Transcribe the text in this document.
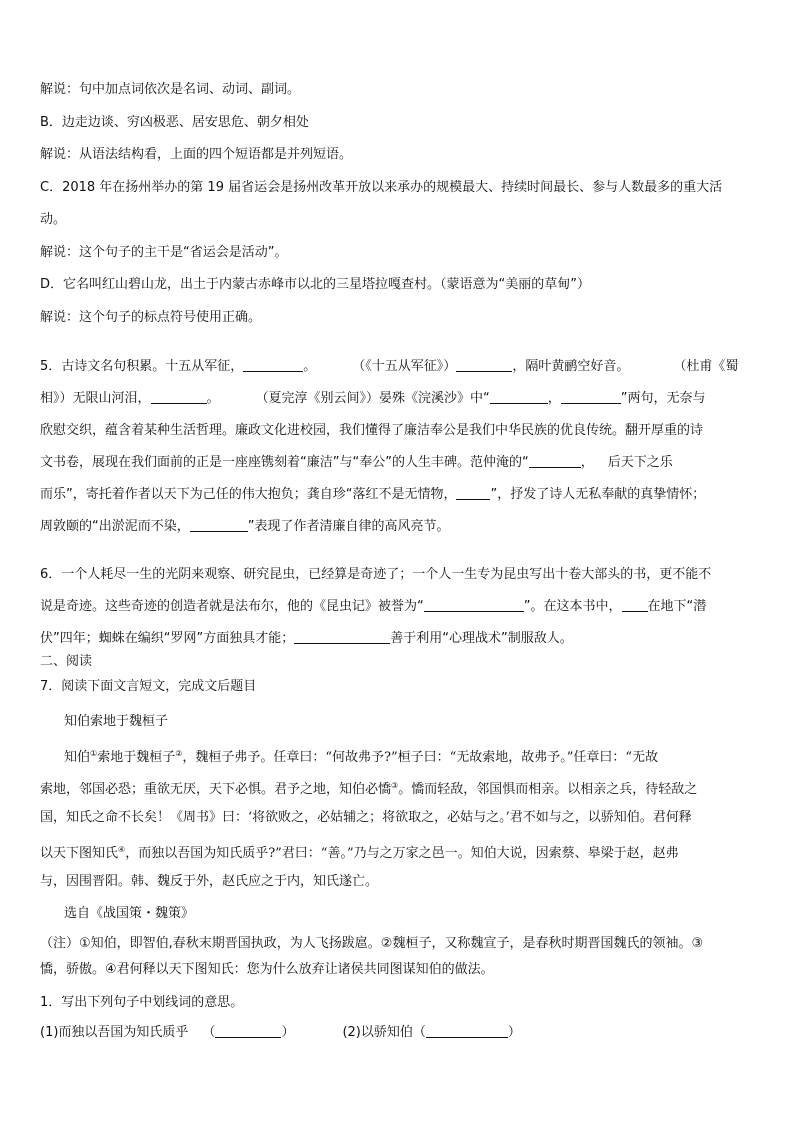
解说：句中加点词依次是名词、动词、副词。
B．边走边谈、穷凶极恶、居安思危、朝夕相处
解说：从语法结构看，上面的四个短语都是并列短语。
C．2018 年在扬州举办的第 19 届省运会是扬州改革开放以来承办的规模最大、持续时间最长、参与人数最多的重大活
动。
解说：这个句子的主干是“省运会是活动”。
D．它名叫红山碧山龙，出土于内蒙古赤峰市以北的三星塔拉嘎查村。（蒙语意为“美丽的草甸”）
解说：这个句子的标点符号使用正确。
5．古诗文名句积累。十五从军征，	。	（《十五从军征》）	，隔叶黄鹂空好音。	（杜甫《蜀
相》）无限山河泪，	。	（夏完淳《别云间》）晏殊《浣溪沙》中“	，	”两句，无奈与
欣慰交织，蕴含着某种生活哲理。廉政文化进校园，我们懂得了廉洁奉公是我们中华民族的优良传统。翻开厚重的诗
文书卷，展现在我们面前的正是一座座镌刻着“廉洁”与“奉公”的人生丰碑。范仲淹的“	， 后天下之乐
而乐”，寄托着作者以天下为己任的伟大抱负；龚自珍“落红不是无情物，	”，抒发了诗人无私奉献的真挚情怀；
周敦颐的“出淤泥而不染，	”表现了作者清廉自律的高风亮节。
6．一个人耗尽一生的光阴来观察、研究昆虫，已经算是奇迹了；一个人一生专为昆虫写出十卷大部头的书，更不能不
说是奇迹。这些奇迹的创造者就是法布尔，他的《昆虫记》被誉为“	”。在这本书中， 在地下“潜
伏”四年；蜘蛛在编织“罗网”方面独具才能；	善于利用“心理战术”制服敌人。
二、阅读
7．阅读下面文言短文，完成文后题目
知伯索地于魏桓子
知伯①索地于魏桓子②，魏桓子弗予。任章曰：“何故弗予?”桓子曰：“无故索地，故弗予。”任章曰：“无故
索地，邻国必恐；重欲无厌，天下必惧。君予之地，知伯必憍③。憍而轻敌，邻国惧而相亲。以相亲之兵，待轻敌之
国，知氏之命不长矣！《周书》曰：‘将欲败之，必姑辅之；将欲取之，必姑与之。’君不如与之，以骄知伯。君何释
以天下图知氏④，而独以吾国为知氏质乎?”君曰：“善。”乃与之万家之邑一。知伯大说，因索蔡、皋梁于赵，赵弗
与，因围晋阳。韩、魏反于外，赵氏应之于内，知氏遂亡。
选自《战国策・魏策》
（注）①知伯，即智伯,春秋末期晋国执政，为人飞扬跋扈。②魏桓子，又称魏宣子，是春秋时期晋国魏氏的领袖。③
憍，骄傲。④君何释以天下图知氏：您为什么放弃让诸侯共同图谋知伯的做法。
1．写出下列句子中划线词的意思。
(1)而独以吾国为知氏质乎 （	）	(2)以骄知伯（	）
